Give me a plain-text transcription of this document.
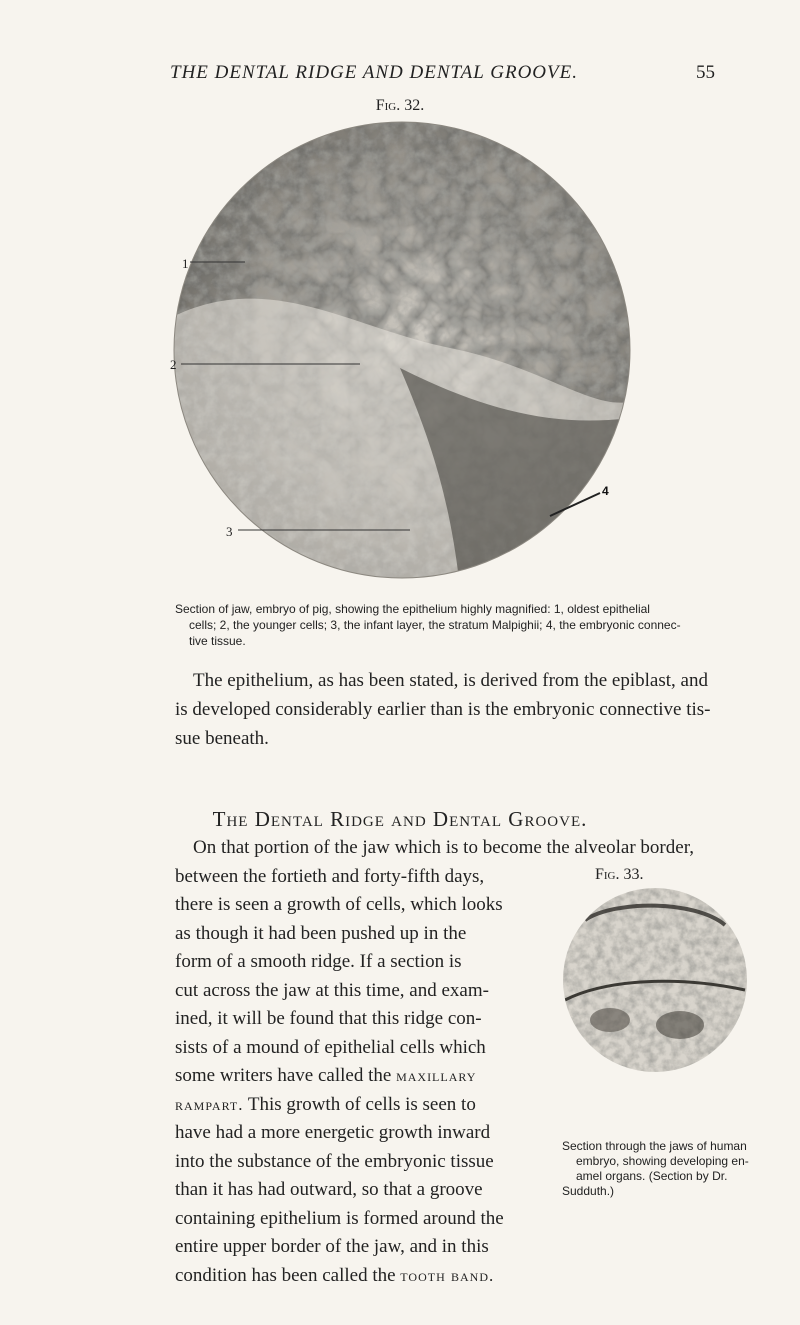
THE DENTAL RIDGE AND DENTAL GROOVE.	55
Fig. 32.
1
2
3
4
Section of jaw, embryo of pig, showing the epithelium highly magnified: 1, oldest epithelial
cells; 2, the younger cells; 3, the infant layer, the stratum Malpighii; 4, the embryonic connec-
tive tissue.
The epithelium, as has been stated, is derived from the epiblast, and
is developed considerably earlier than is the embryonic connective tis-
sue beneath.
The Dental Ridge and Dental Groove.
On that portion of the jaw which is to become the alveolar border,
between the fortieth and forty-fifth days,
there is seen a growth of cells, which looks
as though it had been pushed up in the
form of a smooth ridge. If a section is
cut across the jaw at this time, and exam-
ined, it will be found that this ridge con-
sists of a mound of epithelial cells which
some writers have called the maxillary
rampart. This growth of cells is seen to
have had a more energetic growth inward
into the substance of the embryonic tissue
than it has had outward, so that a groove
containing epithelium is formed around the
entire upper border of the jaw, and in this
condition has been called the tooth band.
Fig. 33.
Section through the jaws of human
embryo, showing developing en-
amel organs. (Section by Dr.
Sudduth.)
